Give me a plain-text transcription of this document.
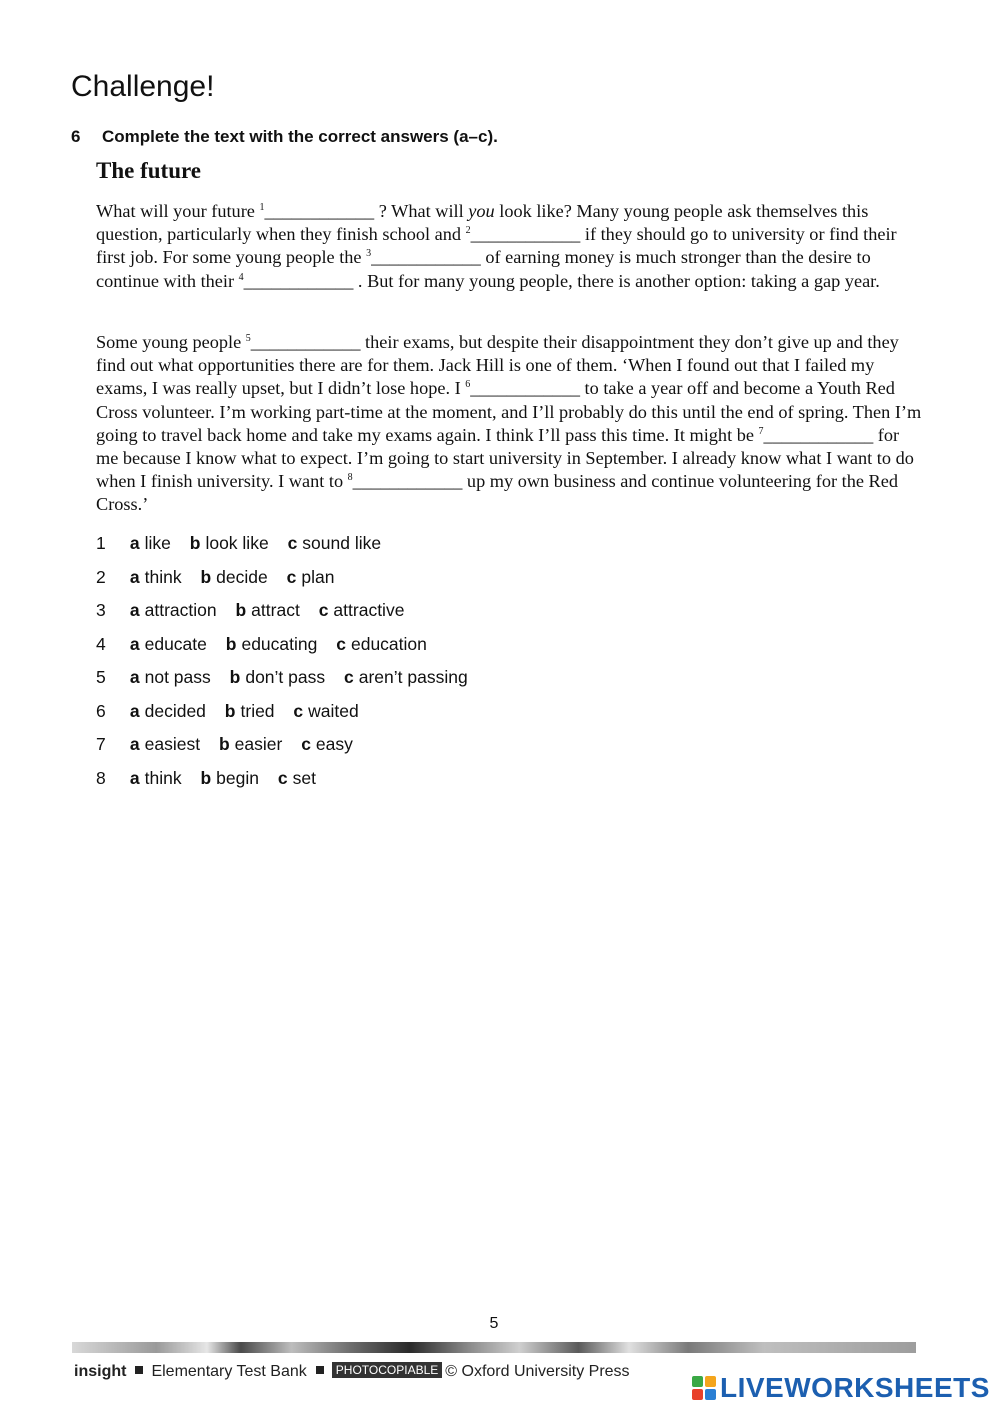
Challenge!
6 Complete the text with the correct answers (a–c).
The future

What will your future $^1$____________ ? What will you look like? Many young people ask themselves this question, particularly when they finish school and $^2$____________ if they should go to university or find their first job. For some young people the $^3$____________ of earning money is much stronger than the desire to continue with their $^4$____________ . But for many young people, there is another option: taking a gap year.

Some young people $^5$____________ their exams, but despite their disappointment they don’t give up and they find out what opportunities there are for them. Jack Hill is one of them. ‘When I found out that I failed my exams, I was really upset, but I didn’t lose hope. I $^6$____________ to take a year off and become a Youth Red Cross volunteer. I’m working part-time at the moment, and I’ll probably do this until the end of spring. Then I’m going to travel back home and take my exams again. I think I’ll pass this time. It might be $^7$____________ for me because I know what to expect. I’m going to start university in September. I already know what I want to do when I finish university. I want to $^8$____________ up my own business and continue volunteering for the Red Cross.’

1 a like b look like c sound like
2 a think b decide c plan
3 a attraction b attract c attractive
4 a educate b educating c education
5 a not pass b don’t pass c aren’t passing
6 a decided b tried c waited
7 a easiest b easier c easy
8 a think b begin c set
5
insight Elementary Test Bank PHOTOCOPIABLE © Oxford University Press
LIVEWORKSHEETS
